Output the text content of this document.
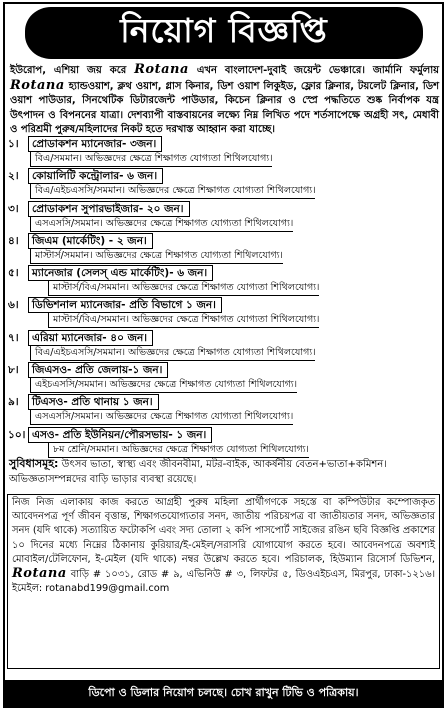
নিয়োগ বিজ্ঞপ্তি
ইউরোপ, এশিয়া জয় করে Rotana এখন বাংলাদেশ-দুবাই জয়েন্ট ভেঞ্চারে। জার্মানি ফর্মুলায় Rotana হ্যান্ডওয়াশ, ক্লথ ওয়াশ, গ্লাস কিনার, ডিশ ওয়াশ লিকুইড, ফ্লোর ক্লিনার, টয়লেট ক্লিনার, ডিশ ওয়াশ পাউডার, সিনথেটিক ডিটারজেন্ট পাউডার, কিচেন ক্লিনার ও স্প্রে পদ্ধতিতে শুষ্ক নির্বাপক যন্ত্র উৎপাদন ও বিপননের যাত্রা। দেশব্যাপী বাস্তবায়নের লক্ষ্যে নিম্ন লিখিত পদে শর্তসাপেক্ষে অগ্রহী সৎ, মেধাবী ও পরিশ্রমী পুরুষ/মহিলাদের নিকট হতে দরখাস্ত আহ্বান করা যাচ্ছে।
১। প্রোডাকশন ম্যানেজার- ৩জন।
বিএ/সমমান। অভিজ্ঞদের ক্ষেত্রে শিক্ষাগত যোগ্যতা শিথিলযোগ্য।
২। কোয়ালিটি কন্ট্রোলার- ৬ জন।
বিএ/এইচএসসি/সমমান। অভিজ্ঞদের ক্ষেত্রে শিক্ষাগত যোগ্যতা শিথিলযোগ্য।
৩। প্রোডাকশন সুপারভাইজার- ২০ জন।
এসএসসি/সমমান। অভিজ্ঞদের ক্ষেত্রে শিক্ষাগত যোগ্যতা শিথিলযোগ্য।
৪। জিএম (মার্কেটিং) - ২ জন।
মাস্টার্স/সমমান। অভিজ্ঞদের ক্ষেত্রে শিক্ষাগত যোগ্যতা শিথিলযোগ্য।
৫। ম্যানেজার (সেলস্ এন্ড মার্কেটিং)- ৬ জন।
মাস্টার্স/বিএ/সমমান। অভিজ্ঞদের ক্ষেত্রে শিক্ষাগত যোগ্যতা শিথিলযোগ্য।
৬। ডিভিশনাল ম্যানেজার- প্রতি বিভাগে ১ জন।
মাস্টার্স/বিএ/সমমান। অভিজ্ঞদের ক্ষেত্রে শিক্ষাগত যোগ্যতা শিথিলযোগ্য।
৭। এরিয়া ম্যানেজার- ৪০ জন।
বিএ/এইচএসসি/সমমান। অভিজ্ঞদের ক্ষেত্রে শিক্ষাগত যোগ্যতা শিথিলযোগ্য।
৮। জিএসও- প্রতি জেলায়-১ জন।
এইচএসসি/সমমান। অভিজ্ঞদের ক্ষেত্রে শিক্ষাগত যোগ্যতা শিথিলযোগ্য।
৯। টিএসও- প্রতি থানায় ১ জন।
এসএসসি/সমমান। অভিজ্ঞদের ক্ষেত্রে শিক্ষাগত যোগ্যতা শিথিলযোগ্য।
১০। এসও- প্রতি ইউনিয়ন/পৌরসভায়- ১ জন।
৮ম শ্রেনি/সমমান। অভিজ্ঞদের ক্ষেত্রে শিক্ষাগত যোগ্যতা শিথিলযোগ্য।
সুবিধাসমূহ: উৎসব ভাতা, স্বাস্থ্য এবং জীবনবীমা, মটর-বাইক, আকর্ষনীয় বেতন+ভাতা+কমিশন। অভিজ্ঞতাসম্পন্নদের বাড়ি ভাড়ার ব্যবস্থা রয়েছে।
নিজ নিজ এলাকায় কাজ করতে আগ্রহী পুরুষ মহিলা প্রার্থীগণকে সহস্তে বা কম্পিউটার কম্পোজকৃত আবেদনপত্র পূর্ণ জীবন বৃত্তান্ত, শিক্ষাগতযোগ্যতার সনদ, জাতীয় পরিচয়পত্র বা জাতীয়তার সনদ, অভিজ্ঞতার সনদ (যদি থাকে) সত্যায়িত ফটোকপি এবং সদ্য তোলা ২ কপি পাসপোর্ট সাইজের রঙিন ছবি বিজ্ঞপ্তি প্রকাশের ১০ দিনের মধ্যে নিম্নের ঠিকানায় কুরিয়ার/ই-মেইল/সরাসরি যোগাযোগ করতে হবে। আবেদনপত্রে অবশ্যই মোবাইল/টেলিফোন, ই-মেইল (যদি থাকে) নম্বর উল্লেখ করতে হবে। পরিচালক, হিউম্যান রিসোর্স ডিভিশন, Rotana বাড়ি # ১০৩১, রোড # ৯, এভিনিউ # ৩, লিফটর ৫, ডিওএইচএস, মিরপুর, ঢাকা-১২১৬। ইমেইল: rotanabd199@gmail.com
ডিপো ও ডিলার নিয়োগ চলছে। চোখ রাখুন টিভি ও পত্রিকায়।
